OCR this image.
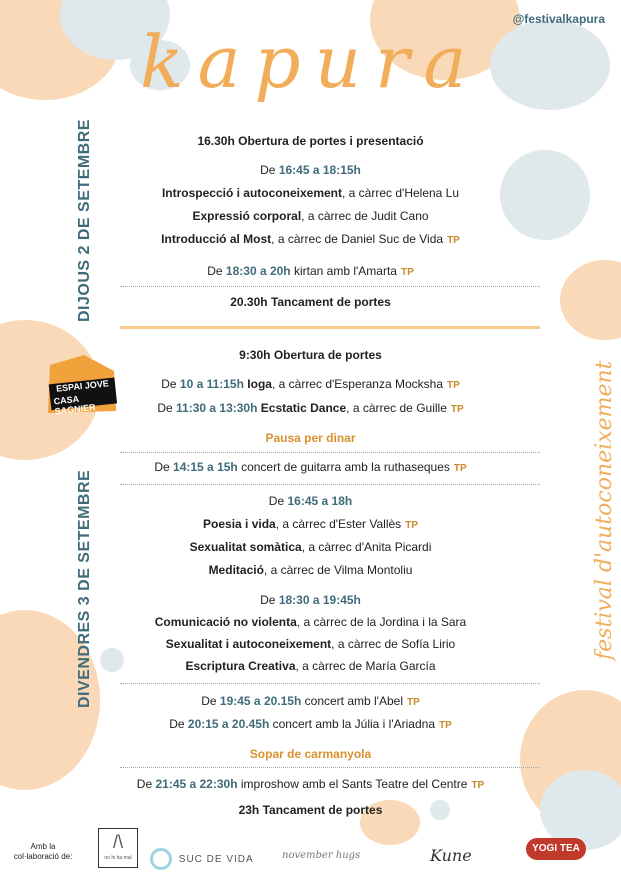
@festivalkapura
kapura
festival d'autoconeixement
DIJOUS 2 DE SETEMBRE
DIVENDRES 3 DE SETEMBRE
ESPAI JOVE
CASA SAGNIER
16.30h Obertura de portes i presentació
De 16:45 a 18:15h
Introspecció i autoconeixement, a càrrec d'Helena Lu
Expressió corporal, a càrrec de Judit Cano
Introducció al Most, a càrrec de Daniel Suc de Vida TP
De 18:30 a 20h kirtan amb l'Amarta TP
20.30h Tancament de portes
9:30h Obertura de portes
De 10 a 11:15h Ioga, a càrrec d'Esperanza Mocksha TP
De 11:30 a 13:30h Ecstatic Dance, a càrrec de Guille TP
Pausa per dinar
De 14:15 a 15h concert de guitarra amb la ruthaseques TP
De 16:45 a 18h
Poesia i vida, a càrrec d'Ester Vallès TP
Sexualitat somàtica, a càrrec d'Anita Picardi
Meditació, a càrrec de Vilma Montoliu
De 18:30 a 19:45h
Comunicació no violenta, a càrrec de la Jordina i la Sara
Sexualitat i autoconeixement, a càrrec de Sofía Lirio
Escriptura Creativa, a càrrec de María García
De 19:45 a 20.15h concert amb l'Abel TP
De 20:15 a 20.45h concert amb la Júlia i l'Ariadna TP
Sopar de carmanyola
De 21:45 a 22:30h improshow amb el Sants Teatre del Centre TP
23h Tancament de portes
Amb la col·laboració de:
/\
no hi ha mal	SUC DE VIDA	november hugs	Kune	YOGI TEA
